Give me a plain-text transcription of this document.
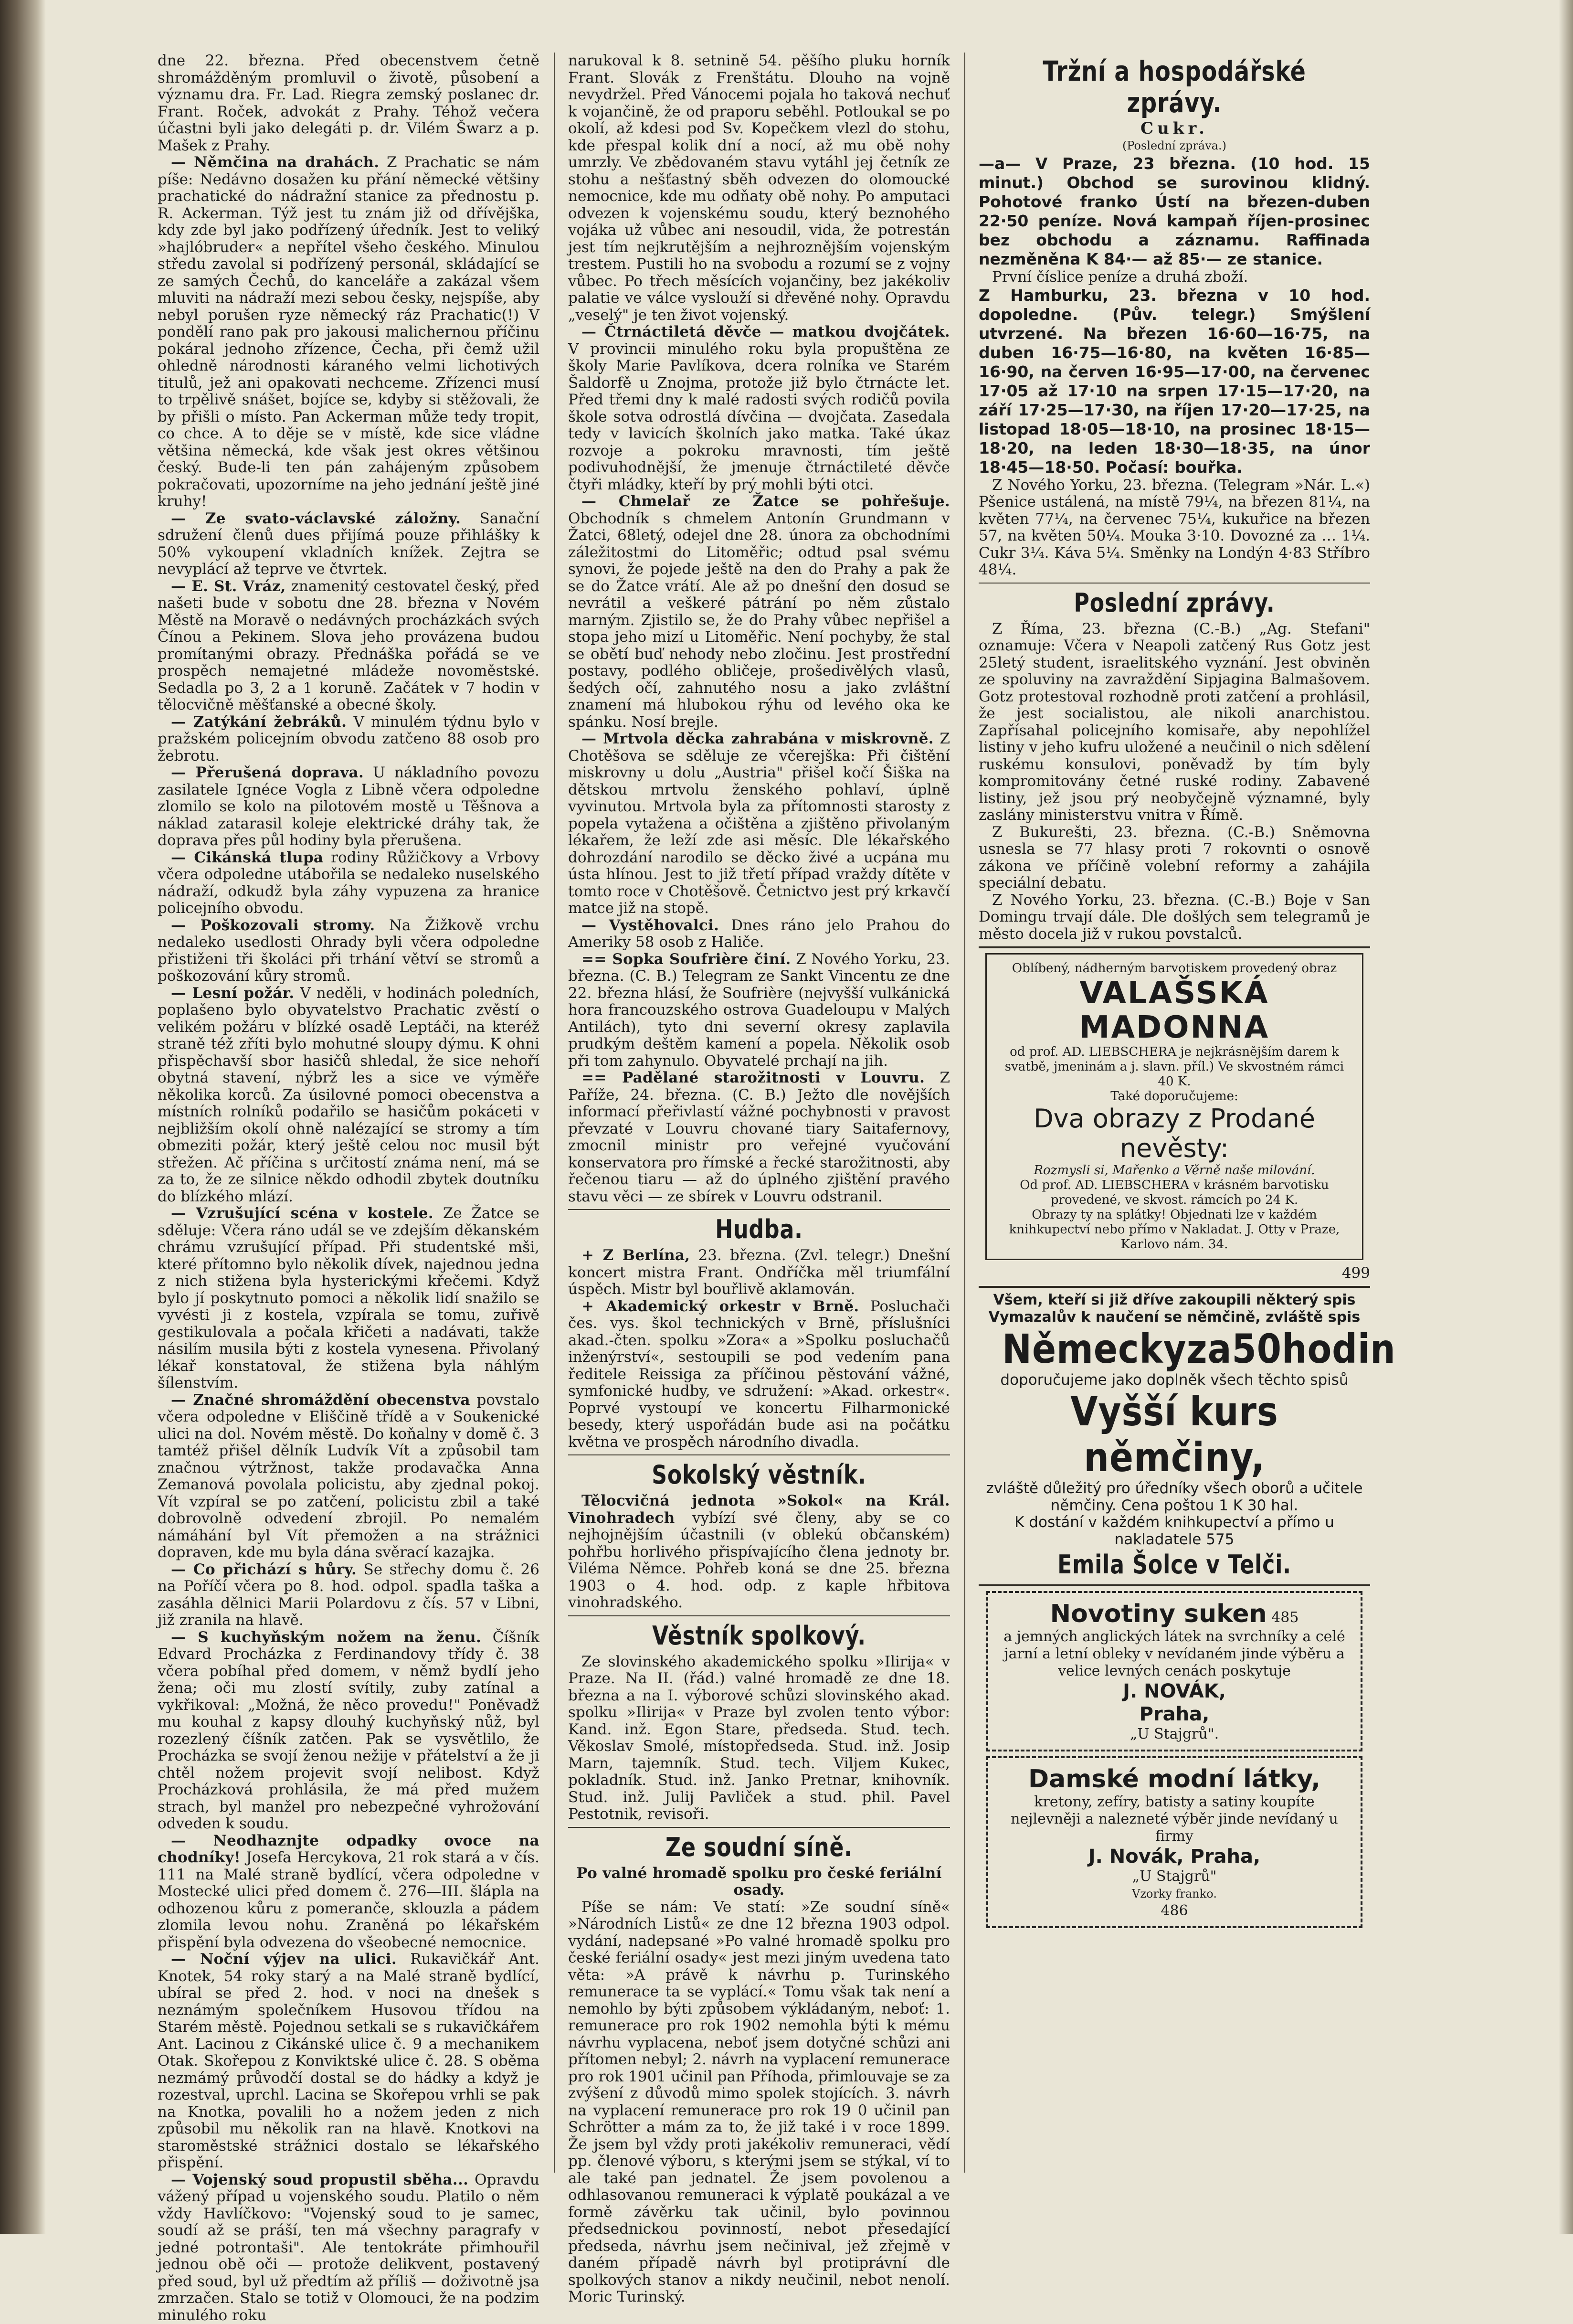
dne 22. března. Před obecenstvem četně shromážděným promluvil o životě, působení a významu dra. Fr. Lad. Riegra zemský poslanec dr. Frant. Roček, advokát z Prahy. Téhož večera účastni byli jako delegáti p. dr. Vilém Šwarz a p. Mašek z Prahy.

— Němčina na drahách. Z Prachatic se nám píše: Nedávno dosažen ku přání německé většiny prachatické do nádražní stanice za přednostu p. R. Ackerman. Týž jest tu znám již od dřívějška, kdy zde byl jako podřízený úředník. Jest to veliký »hajlóbruder« a nepřítel všeho českého. Minulou středu zavolal si podřízený personál, skládající se ze samých Čechů, do kanceláře a zakázal všem mluviti na nádraží mezi sebou česky, nejspíše, aby nebyl porušen ryze německý ráz Prachatic(!) V pondělí rano pak pro jakousi malichernou příčinu pokáral jednoho zřízence, Čecha, při čemž užil ohledně národnosti káraného velmi lichotivých titulů, jež ani opakovati nechceme. Zřízenci musí to trpělivě snášet, bojíce se, kdyby si stěžovali, že by přišli o místo. Pan Ackerman může tedy tropit, co chce. A to děje se v místě, kde sice vládne většina německá, kde však jest okres většinou český. Bude-li ten pán zahájeným způsobem pokračovati, upozorníme na jeho jednání ještě jiné kruhy!

— Ze svato-václavské záložny. Sanační sdružení členů dues přijímá pouze přihlášky k 50% vykoupení vkladních knížek. Zejtra se nevyplácí až teprve ve čtvrtek.

— E. St. Vráz, znamenitý cestovatel český, před našeti bude v sobotu dne 28. března v Novém Městě na Moravě o nedávných procházkách svých Čínou a Pekinem. Slova jeho provázena budou promítanými obrazy. Přednáška pořádá se ve prospěch nemajetné mládeže novoměstské. Sedadla po 3, 2 a 1 koruně. Začátek v 7 hodin v tělocvičně měšťanské a obecné školy.

— Zatýkání žebráků. V minulém týdnu bylo v pražském policejním obvodu zatčeno 88 osob pro žebrotu.

— Přerušená doprava. U nákladního povozu zasilatele Ignéce Vogla z Libně včera odpoledne zlomilo se kolo na pilotovém mostě u Těšnova a náklad zatarasil koleje elektrické dráhy tak, že doprava přes půl hodiny byla přerušena.

— Cikánská tlupa rodiny Růžičkovy a Vrbovy včera odpoledne utábořila se nedaleko nuselského nádraží, odkudž byla záhy vypuzena za hranice policejního obvodu.

— Poškozovali stromy. Na Žižkově vrchu nedaleko usedlosti Ohrady byli včera odpoledne přistiženi tři školáci při trhání větví se stromů a poškozování kůry stromů.

— Lesní požár. V neděli, v hodinách poledních, poplašeno bylo obyvatelstvo Prachatic zvěstí o velikém požáru v blízké osadě Leptáči, na kteréž straně též zříti bylo mohutné sloupy dýmu. K ohni přispěchavší sbor hasičů shledal, že sice nehoří obytná stavení, nýbrž les a sice ve výměře několika korců. Za úsilovné pomoci obecenstva a místních rolníků podařilo se hasičům pokáceti v nejbližším okolí ohně nalézající se stromy a tím obmeziti požár, který ještě celou noc musil být střežen. Ač příčina s určitostí známa není, má se za to, že ze silnice někdo odhodil zbytek doutníku do blízkého mlází.

— Vzrušující scéna v kostele. Ze Žatce se sděluje: Včera ráno udál se ve zdejším děkanském chrámu vzrušující případ. Při studentské mši, které přítomno bylo několik dívek, najednou jedna z nich stižena byla hysterickými křečemi. Když bylo jí poskytnuto pomoci a několik lidí snažilo se vyvésti ji z kostela, vzpírala se tomu, zuřivě gestikulovala a počala křičeti a nadávati, takže násilím musila býti z kostela vynesena. Přivolaný lékař konstatoval, že stižena byla náhlým šílenstvím.

— Značné shromáždění obecenstva povstalo včera odpoledne v Eliščině třídě a v Soukenické ulici na dol. Novém městě. Do koňalny v domě č. 3 tamtéž přišel dělník Ludvík Vít a způsobil tam značnou výtržnost, takže prodavačka Anna Zemanová povolala policistu, aby zjednal pokoj. Vít vzpíral se po zatčení, policistu zbil a také dobrovolně odvedení zbrojil. Po nemalém námáhání byl Vít přemožen a na strážnici dopraven, kde mu byla dána svěrací kazajka.

— Co přichází s hůry. Se střechy domu č. 26 na Poříčí včera po 8. hod. odpol. spadla taška a zasáhla dělnici Marii Polardovu z čís. 57 v Libni, již zranila na hlavě.

— S kuchyňským nožem na ženu. Číšník Edvard Procházka z Ferdinandovy třídy č. 38 včera pobíhal před domem, v němž bydlí jeho žena; oči mu zlostí svítily, zuby zatínal a vykřikoval: „Možná, že něco provedu!" Poněvadž mu kouhal z kapsy dlouhý kuchyňský nůž, byl rozezlený číšník zatčen. Pak se vysvětlilo, že Procházka se svojí ženou nežije v přátelství a že ji chtěl nožem projevit svojí nelibost. Když Procházková prohlásila, že má před mužem strach, byl manžel pro nebezpečné vyhrožování odveden k soudu.

— Neodhaznjte odpadky ovoce na chodníky! Josefa Hercykova, 21 rok stará a v čís. 111 na Malé straně bydlící, včera odpoledne v Mostecké ulici před domem č. 276—III. šlápla na odhozenou kůru z pomeranče, sklouzla a pádem zlomila levou nohu. Zraněná po lékařském přispění byla odvezena do všeobecné nemocnice.

— Noční výjev na ulici. Rukavičkář Ant. Knotek, 54 roky starý a na Malé straně bydlící, ubíral se před 2. hod. v noci na dnešek s neznámým společníkem Husovou třídou na Starém městě. Pojednou setkali se s rukavičkářem Ant. Lacinou z Cikánské ulice č. 9 a mechanikem Otak. Skořepou z Konviktské ulice č. 28. S oběma nezmámý průvodčí dostal se do hádky a když je rozestval, uprchl. Lacina se Skořepou vrhli se pak na Knotka, povalili ho a nožem jeden z nich způsobil mu několik ran na hlavě. Knotkovi na staroměstské strážnici dostalo se lékařského přispění.

— Vojenský soud propustil sběha... Opravdu vážený případ u vojenského soudu. Platilo o něm vždy Havlíčkovo: "Vojenský soud to je samec, soudí až se práší, ten má všechny paragrafy v jedné potrontaši". Ale tentokráte přimhouřil jednou obě oči — protože delikvent, postavený před soud, byl už předtím až příliš — doživotně jsa zmrzačen. Stalo se totiž v Olomouci, že na podzim minulého roku

narukoval k 8. setnině 54. pěšího pluku horník Frant. Slovák z Frenštátu. Dlouho na vojně nevydržel. Před Vánocemi pojala ho taková nechuť k vojančině, že od praporu seběhl. Potloukal se po okolí, až kdesi pod Sv. Kopečkem vlezl do stohu, kde přespal kolik dní a nocí, až mu obě nohy umrzly. Ve zbědovaném stavu vytáhl jej četník ze stohu a nešťastný sběh odvezen do olomoucké nemocnice, kde mu odňaty obě nohy. Po amputaci odvezen k vojenskému soudu, který beznohého vojáka už vůbec ani nesoudil, vida, že potrestán jest tím nejkrutějším a nejhroznějším vojenským trestem. Pustili ho na svobodu a rozumí se z vojny vůbec. Po třech měsících vojančiny, bez jakékoliv palatie ve válce vyslouží si dřevěné nohy. Opravdu „veselý" je ten život vojenský.

— Čtrnáctiletá děvče — matkou dvojčátek. V provincii minulého roku byla propuštěna ze školy Marie Pavlíkova, dcera rolníka ve Starém Šaldorfě u Znojma, protože již bylo čtrnácte let. Před třemi dny k malé radosti svých rodičů povila škole sotva odrostlá dívčina — dvojčata. Zasedala tedy v lavicích školních jako matka. Také úkaz rozvoje a pokroku mravnosti, tím ještě podivuhodnější, že jmenuje čtrnáctileté děvče čtyři mládky, kteří by prý mohli býti otci.

— Chmelař ze Žatce se pohřešuje. Obchodník s chmelem Antonín Grundmann v Žatci, 68letý, odejel dne 28. února za obchodními záležitostmi do Litoměřic; odtud psal svému synovi, že pojede ještě na den do Prahy a pak že se do Žatce vrátí. Ale až po dnešní den dosud se nevrátil a veškeré pátrání po něm zůstalo marným. Zjistilo se, že do Prahy vůbec nepřišel a stopa jeho mizí u Litoměřic. Není pochyby, že stal se obětí buď nehody nebo zločinu. Jest prostřední postavy, podlého obličeje, prošedivělých vlasů, šedých očí, zahnutého nosu a jako zvláštní znamení má hlubokou rýhu od levého oka ke spánku. Nosí brejle.

— Mrtvola děcka zahrabána v miskrovně. Z Chotěšova se sděluje ze včerejška: Při čištění miskrovny u dolu „Austria" přišel kočí Šiška na dětskou mrtvolu ženského pohlaví, úplně vyvinutou. Mrtvola byla za přítomnosti starosty z popela vytažena a očištěna a zjištěno přivolaným lékařem, že leží zde asi měsíc. Dle lékařského dohrozdání narodilo se děcko živé a ucpána mu ústa hlínou. Jest to již třetí případ vraždy dítěte v tomto roce v Chotěšově. Četnictvo jest prý krkavčí matce již na stopě.

— Vystěhovalci. Dnes ráno jelo Prahou do Ameriky 58 osob z Haliče.

== Sopka Soufrière činí. Z Nového Yorku, 23. března. (C. B.) Telegram ze Sankt Vincentu ze dne 22. března hlásí, že Soufrière (nejvyšší vulkánická hora francouzského ostrova Guadeloupu v Malých Antilách), tyto dni severní okresy zaplavila prudkým deštěm kamení a popela. Několik osob při tom zahynulo. Obyvatelé prchají na jih.

== Padělané starožitnosti v Louvru. Z Paříže, 24. března. (C. B.) Ježto dle novějších informací přeřivlastí vážné pochybnosti v pravost převzaté v Louvru chované tiary Saitafernovy, zmocnil ministr pro veřejné vyučování konservatora pro římské a řecké starožitnosti, aby řečenou tiaru — až do úplného zjištění pravého stavu věci — ze sbírek v Louvru odstranil.

Hudba.

+ Z Berlína, 23. března. (Zvl. telegr.) Dnešní koncert mistra Frant. Ondříčka měl triumfální úspěch. Mistr byl bouřlivě aklamován.

+ Akademický orkestr v Brně. Posluchači čes. vys. škol technických v Brně, příslušníci akad.-čten. spolku »Zora« a »Spolku posluchačů inženýrství«, sestoupili se pod vedením pana ředitele Reissiga za příčinou pěstování vážné, symfonické hudby, ve sdružení: »Akad. orkestr«. Poprvé vystoupí ve koncertu Filharmonické besedy, který uspořádán bude asi na počátku května ve prospěch národního divadla.

Sokolský věstník.

Tělocvičná jednota »Sokol« na Král. Vinohradech vybízí své členy, aby se co nejhojnějším účastnili (v oblekú občanském) pohřbu horlivého přispívajícího člena jednoty br. Viléma Němce. Pohřeb koná se dne 25. března 1903 o 4. hod. odp. z kaple hřbitova vinohradského.

Věstník spolkový.

Ze slovinského akademického spolku »Ilirija« v Praze. Na II. (řád.) valné hromadě ze dne 18. března a na I. výborové schůzi slovinského akad. spolku »Ilirija« v Praze byl zvolen tento výbor: Kand. inž. Egon Stare, předseda. Stud. tech. Věkoslav Smolé, místopředseda. Stud. inž. Josip Marn, tajemník. Stud. tech. Viljem Kukec, pokladník. Stud. inž. Janko Pretnar, knihovník. Stud. inž. Julij Pavliček a stud. phil. Pavel Pestotnik, revisoři.

Ze soudní síně.

Po valné hromadě spolku pro české feriální osady.

Píše se nám: Ve statí: »Ze soudní síně« »Národních Listů« ze dne 12 března 1903 odpol. vydání, nadepsané »Po valné hromadě spolku pro české feriální osady« jest mezi jiným uvedena tato věta: »A právě k návrhu p. Turinského remunerace ta se vyplácí.« Tomu však tak není a nemohlo by býti způsobem výkládaným, neboť: 1. remunerace pro rok 1902 nemohla býti k mému návrhu vyplacena, neboť jsem dotyčné schůzi ani přítomen nebyl; 2. návrh na vyplacení remunerace pro rok 1901 učinil pan Příhoda, přimlouvaje se za zvýšení z důvodů mimo spolek stojících. 3. návrh na vyplacení remunerace pro rok 19 0 učinil pan Schrötter a mám za to, že již také i v roce 1899. Že jsem byl vždy proti jakékoliv remuneraci, vědí pp. členové výboru, s kterými jsem se stýkal, ví to ale také pan jednatel. Že jsem povolenou a odhlasovanou remuneraci k výplatě poukázal a ve formě závěrku tak učinil, bylo povinnou předsednickou povinností, nebot přesedající předseda, návrhu jsem nečinival, jež zřejmě v daném případě návrh byl protiprávní dle spolkových stanov a nikdy neučinil, nebot nenolí. Moric Turinský.

Tržní a hospodářské zprávy.

Cukr.

(Poslední zpráva.)

—a— V Praze, 23 března. (10 hod. 15 minut.) Obchod se surovinou klidný. Pohotové franko Ústí na březen-duben 22·50 peníze. Nová kampaň říjen-prosinec bez obchodu a záznamu. Raffinada nezměněna K 84·— až 85·— ze stanice.

První čísli̇ce peníze a druhá zboží.

Z Hamburku, 23. března v 10 hod. dopoledne. (Pův. telegr.) Smýšlení utvrzené. Na březen 16·60—16·75, na duben 16·75—16·80, na květen 16·85—16·90, na červen 16·95—17·00, na červenec 17·05 až 17·10 na srpen 17·15—17·20, na září 17·25—17·30, na říjen 17·20—17·25, na listopad 18·05—18·10, na prosinec 18·15—18·20, na leden 18·30—18·35, na únor 18·45—18·50. Počasí: bouřka.

Z Nového Yorku, 23. března. (Telegram »Nár. L.«) Pšenice ustálená, na místě 79¼, na březen 81¼, na květen 77¼, na červenec 75¼, kukuřice na březen 57, na květen 50¼. Mouka 3·10. Dovozné za … 1¼. Cukr 3¼. Káva 5¼. Směnky na Londýn 4·83 Stříbro 48¼.

Poslední zprávy.

Z Říma, 23. března (C.-B.) „Ag. Stefani" oznamuje: Včera v Neapoli zatčený Rus Gotz jest 25letý student, israelitského vyznání. Jest obviněn ze spoluviny na zavraždění Sipjagina Balmašovem. Gotz protestoval rozhodně proti zatčení a prohlásil, že jest socialistou, ale nikoli anarchistou. Zapřísahal policejního komisaře, aby nepohlížel listiny v jeho kufru uložené a neučinil o nich sdělení ruskému konsulovi, poněvadž by tím byly kompromitovány četné ruské rodiny. Zabavené listiny, jež jsou prý neobyčejně významné, byly zaslány ministerstvu vnitra v Římě.

Z Bukurešti, 23. března. (C.-B.) Sněmovna usnesla se 77 hlasy proti 7 rokovnti o osnově zákona ve příčině volební reformy a zahájila speciální debatu.

Z Nového Yorku, 23. března. (C.-B.) Boje v San Domingu trvají dále. Dle došlých sem telegramů je město docela již v rukou povstalců.

Oblíbený, nádherným barvotiskem provedený obraz
VALAŠSKÁ MADONNA
od prof. AD. LIEBSCHERA je nejkrásnějším darem k svatbě, jmeninám a j. slavn. příl.) Ve skvostném rámci 40 K.
Také doporučujeme:
Dva obrazy z Prodané nevěsty:
Rozmysli si, Mařenko a Věrně naše milování.
Od prof. AD. LIEBSCHERA v krásném barvotisku provedené, ve skvost. rámcích po 24 K.
Obrazy ty na splátky! Objednati lze v každém knihkupectví nebo přímo v Nakladat. J. Otty v Praze, Karlovo nám. 34.

499

Všem, kteří si již dříve zakoupili některý spis Vymazalův k naučení se němčině, zvláště spis

Německyza50hodin

doporučujeme jako doplněk všech těchto spisů

Vyšší kurs němčiny,

zvláště důležitý pro úředníky všech oborů a učitele němčiny. Cena poštou 1 K 30 hal.

K dostání v každém knihkupectví a přímo u nakladatele 575

Emila Šolce v Telči.
Novotiny suken 485
a jemných anglických látek na svrchníky a celé jarní a letní obleky v nevídaném jinde výběru a velice levných cenách poskytuje
J. NOVÁK,
Praha,
„U Stajgrů".
Damské modní látky,
kretony, zefíry, batisty a satiny koupíte nejlevněji a nalezneté výběr jinde nevídaný u firmy
J. Novák, Praha,
„U Stajgrů"
Vzorky franko.
486
